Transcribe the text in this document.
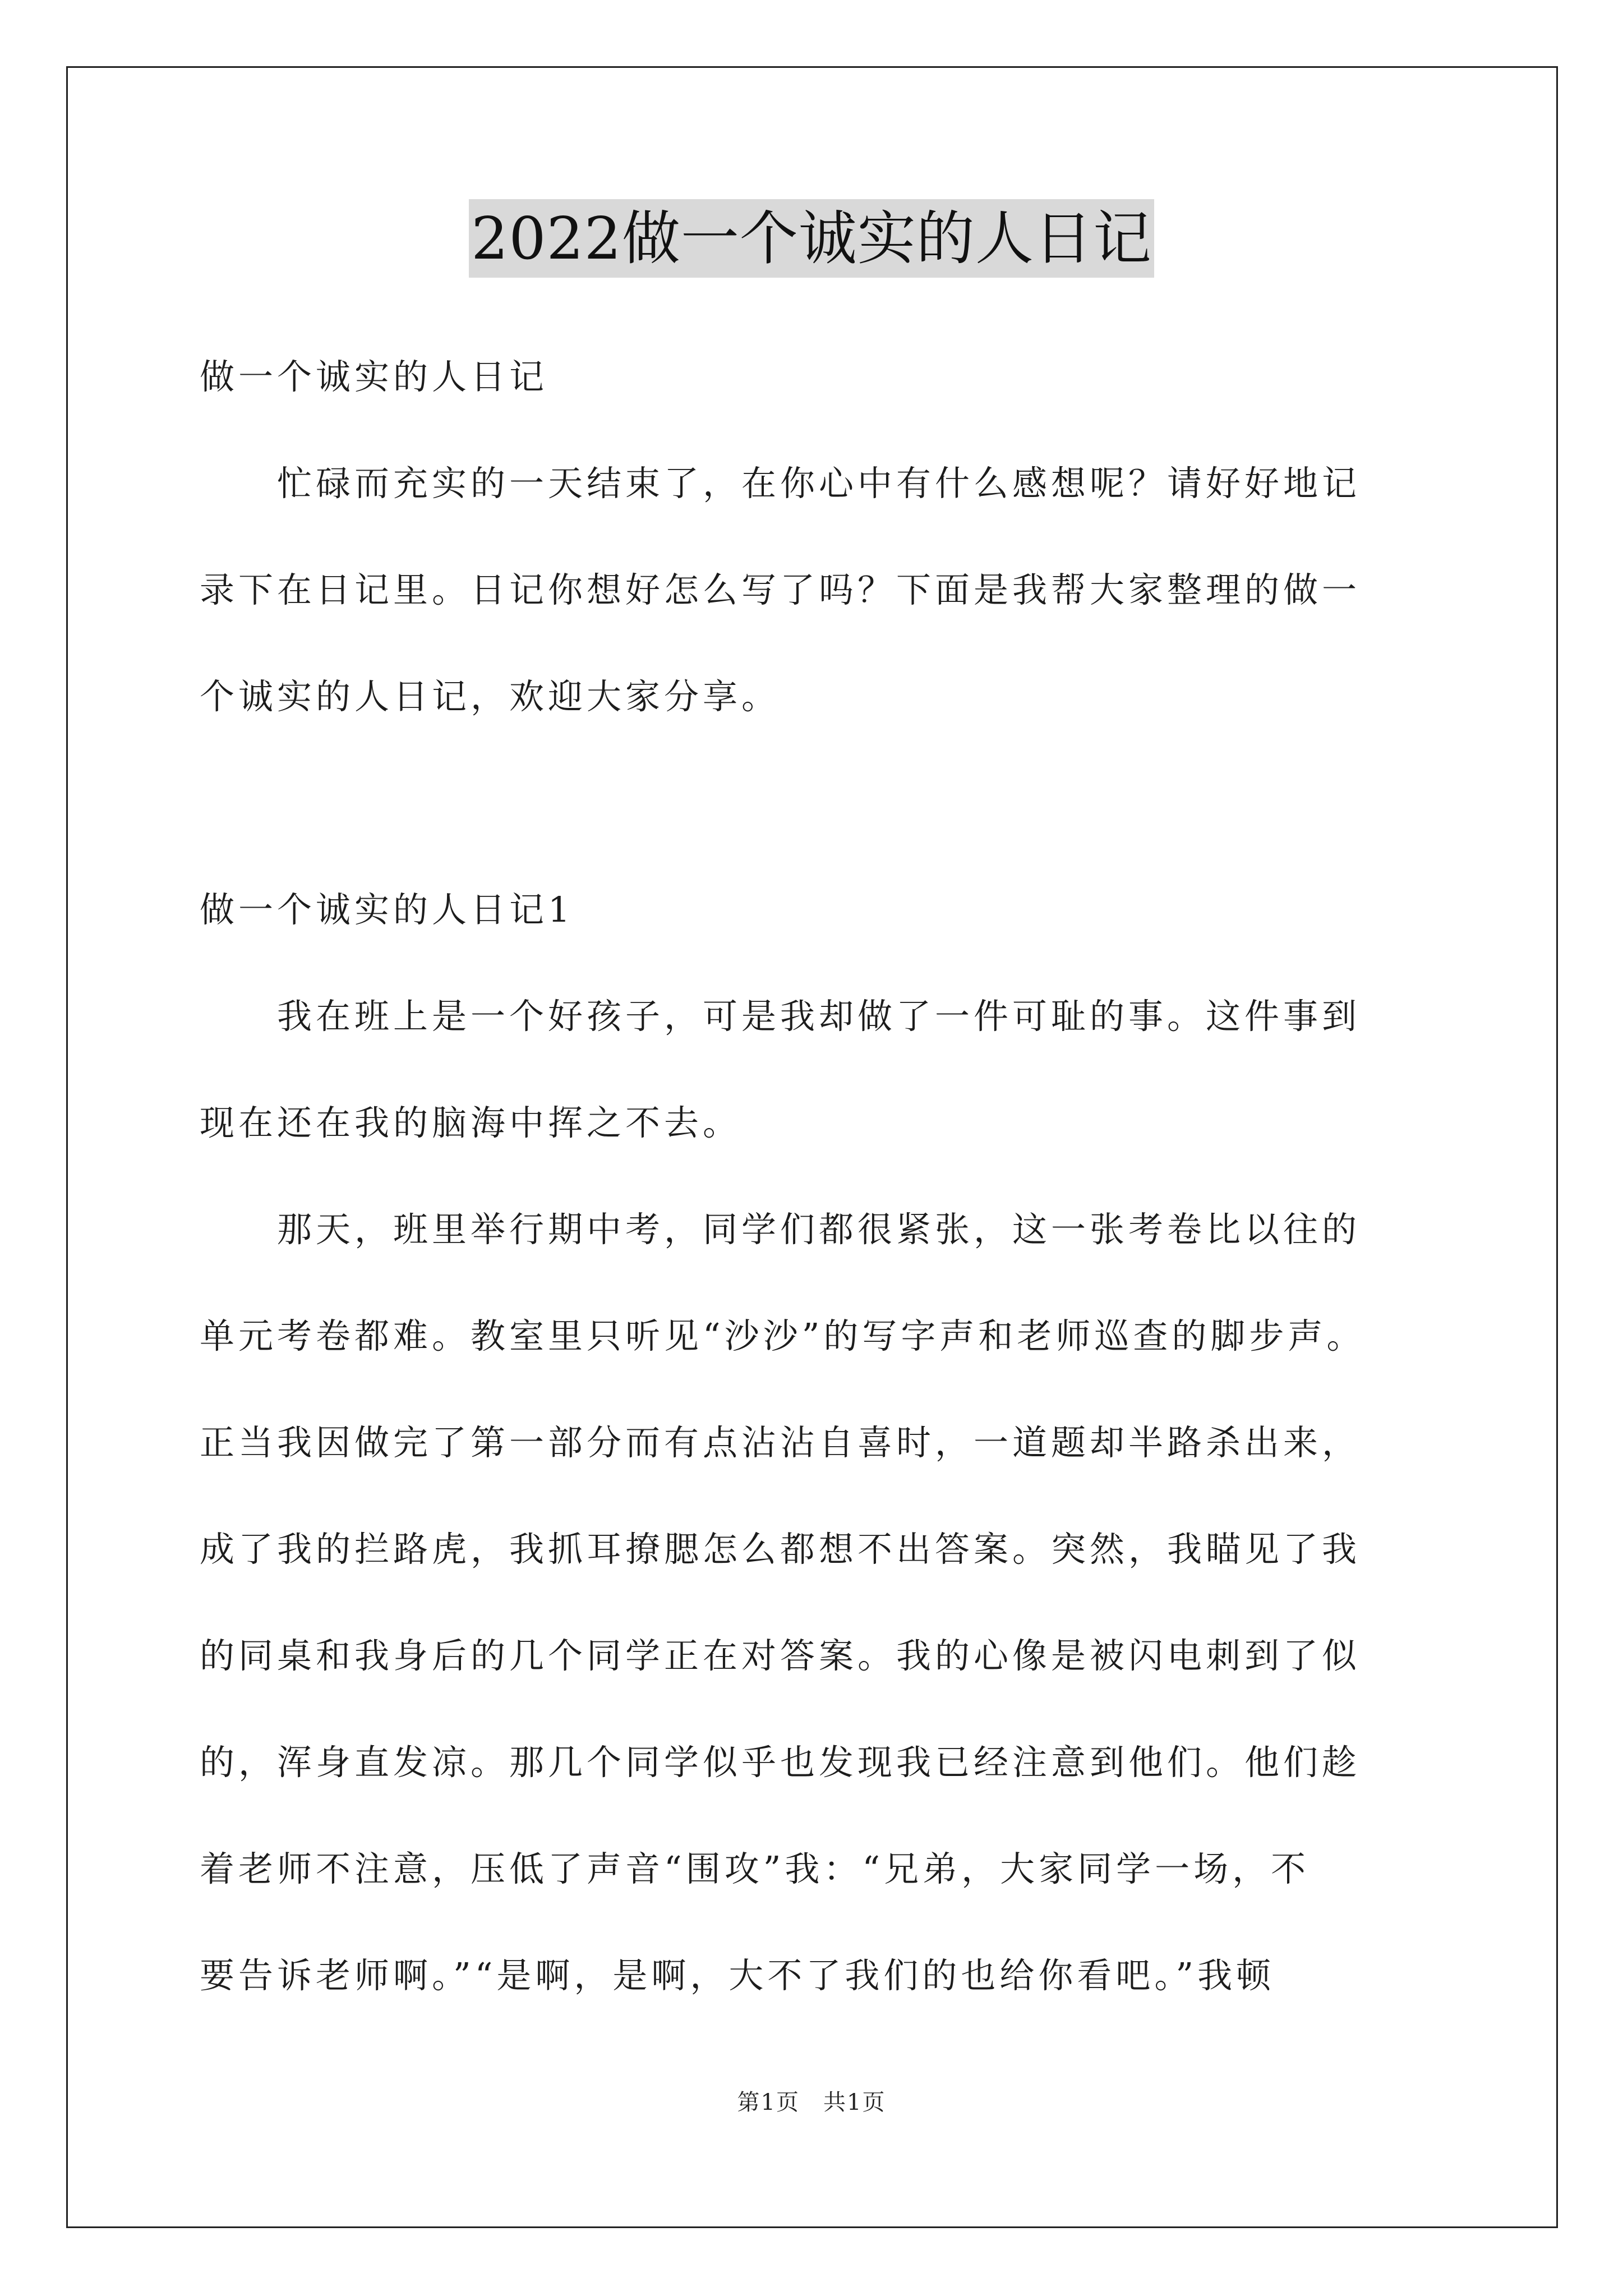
2022做一个诚实的人日记
做一个诚实的人日记
　　忙碌而充实的一天结束了，在你心中有什么感想呢？请好好地记
录下在日记里。日记你想好怎么写了吗？下面是我帮大家整理的做一
个诚实的人日记，欢迎大家分享。
做一个诚实的人日记1
　　我在班上是一个好孩子，可是我却做了一件可耻的事。这件事到
现在还在我的脑海中挥之不去。
　　那天，班里举行期中考，同学们都很紧张，这一张考卷比以往的
单元考卷都难。教室里只听见“沙沙”的写字声和老师巡查的脚步声。
正当我因做完了第一部分而有点沾沾自喜时，一道题却半路杀出来，
成了我的拦路虎，我抓耳撩腮怎么都想不出答案。突然，我瞄见了我
的同桌和我身后的几个同学正在对答案。我的心像是被闪电刺到了似
的，浑身直发凉。那几个同学似乎也发现我已经注意到他们。他们趁
着老师不注意，压低了声音“围攻”我：“兄弟，大家同学一场，不
要告诉老师啊。”“是啊，是啊，大不了我们的也给你看吧。”我顿
第1页　共1页
